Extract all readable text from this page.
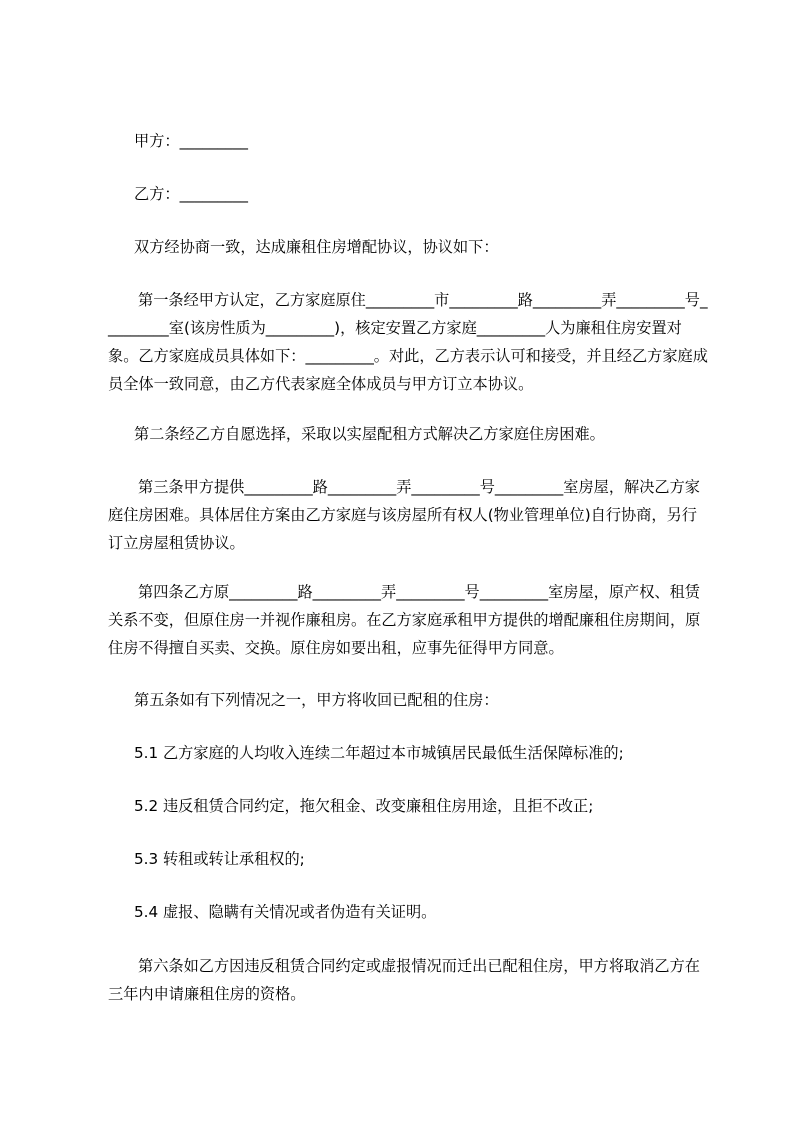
甲方：_________

乙方：_________

双方经协商一致，达成廉租住房增配协议，协议如下：

第一条经甲方认定，乙方家庭原住_________市_________路_________弄_________号_________室(该房性质为_________)，核定安置乙方家庭_________人为廉租住房安置对象。乙方家庭成员具体如下：_________。对此，乙方表示认可和接受，并且经乙方家庭成员全体一致同意，由乙方代表家庭全体成员与甲方订立本协议。

第二条经乙方自愿选择，采取以实屋配租方式解决乙方家庭住房困难。

第三条甲方提供_________路_________弄_________号_________室房屋，解决乙方家庭住房困难。具体居住方案由乙方家庭与该房屋所有权人(物业管理单位)自行协商，另行订立房屋租赁协议。

第四条乙方原_________路_________弄_________号_________室房屋，原产权、租赁关系不变，但原住房一并视作廉租房。在乙方家庭承租甲方提供的增配廉租住房期间，原住房不得擅自买卖、交换。原住房如要出租，应事先征得甲方同意。

第五条如有下列情况之一，甲方将收回已配租的住房：

5.1 乙方家庭的人均收入连续二年超过本市城镇居民最低生活保障标准的;

5.2 违反租赁合同约定，拖欠租金、改变廉租住房用途，且拒不改正;

5.3 转租或转让承租权的;

5.4 虚报、隐瞒有关情况或者伪造有关证明。

第六条如乙方因违反租赁合同约定或虚报情况而迁出已配租住房，甲方将取消乙方在三年内申请廉租住房的资格。
